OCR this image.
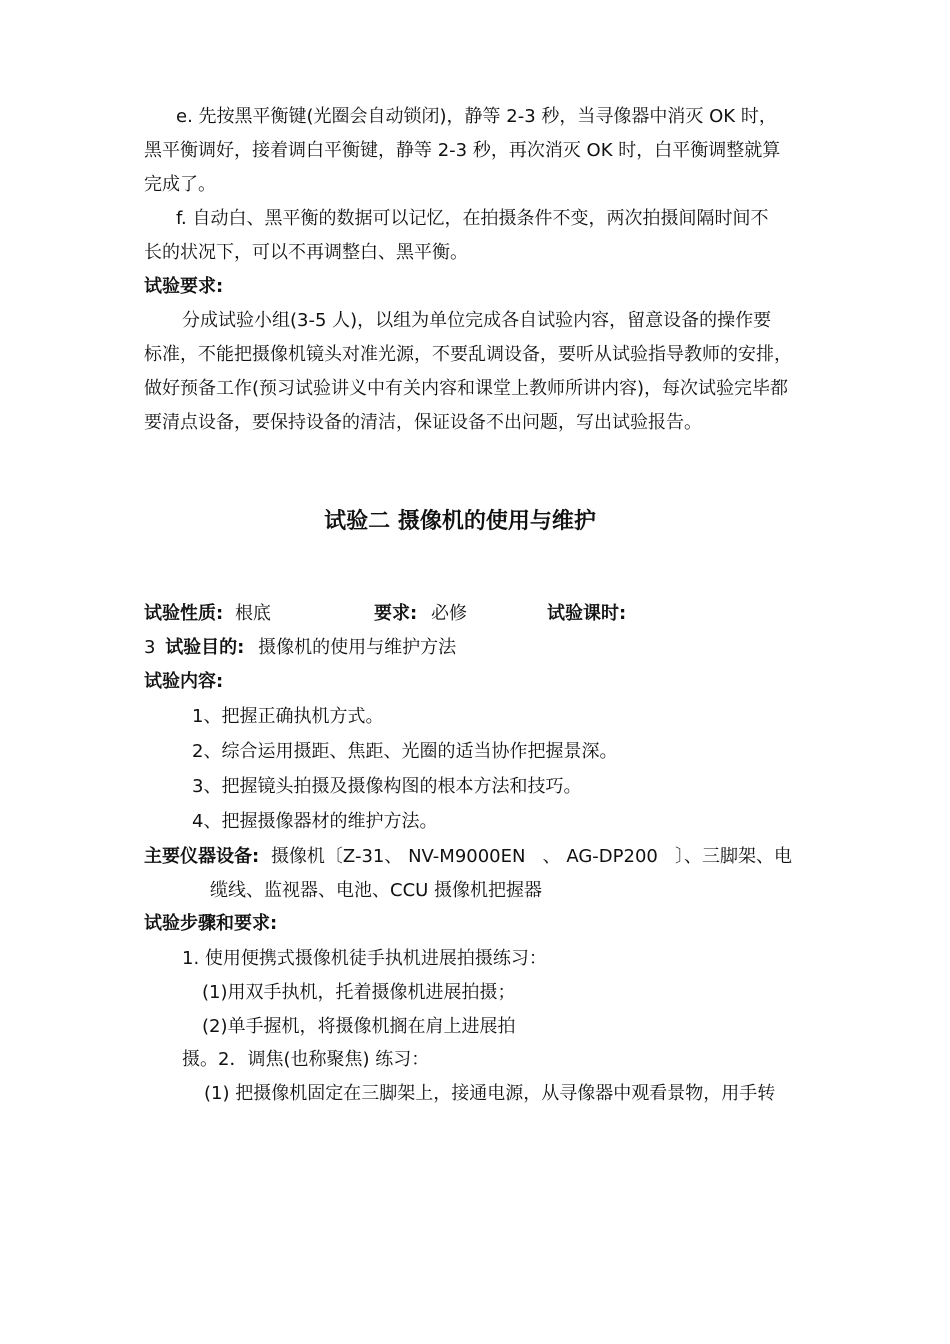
e. 先按黑平衡键(光圈会自动锁闭)，静等 2-3 秒，当寻像器中消灭 OK 时，
黑平衡调好，接着调白平衡键，静等 2-3 秒，再次消灭 OK 时，白平衡调整就算
完成了。
f. 自动白、黑平衡的数据可以记忆，在拍摄条件不变，两次拍摄间隔时间不
长的状况下，可以不再调整白、黑平衡。
试验要求:
分成试验小组(3-5 人)，以组为单位完成各自试验内容，留意设备的操作要
标准，不能把摄像机镜头对准光源，不要乱调设备，要听从试验指导教师的安排，
做好预备工作(预习试验讲义中有关内容和课堂上教师所讲内容)，每次试验完毕都
要清点设备，要保持设备的清洁，保证设备不出问题，写出试验报告。
试验二 摄像机的使用与维护
试验性质: 根底	要求: 必修	试验课时:
3 试验目的: 摄像机的使用与维护方法
试验内容:
1、把握正确执机方式。
2、综合运用摄距、焦距、光圈的适当协作把握景深。
3、把握镜头拍摄及摄像构图的根本方法和技巧。
4、把握摄像器材的维护方法。
主要仪器设备: 摄像机〔Z-31、 NV-M9000EN   、 AG-DP200   〕、三脚架、电
缆线、监视器、电池、CCU 摄像机把握器
试验步骤和要求:
1. 使用便携式摄像机徒手执机进展拍摄练习：
(1)用双手执机，托着摄像机进展拍摄；
(2)单手握机，将摄像机搁在肩上进展拍
摄。2．调焦(也称聚焦) 练习：
(1) 把摄像机固定在三脚架上，接通电源，从寻像器中观看景物，用手转
